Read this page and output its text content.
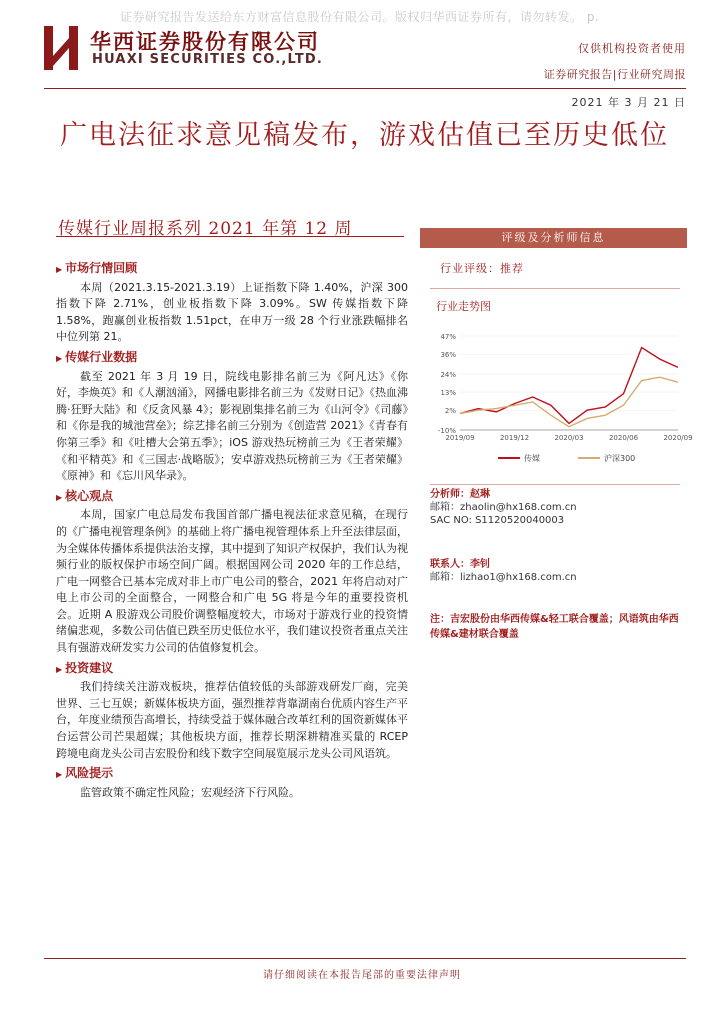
证券研究报告发送给东方财富信息股份有限公司。版权归华西证券所有，请勿转发。 p.
华西证券股份有限公司
HUAXI SECURITIES CO.,LTD.
仅供机构投资者使用
证券研究报告|行业研究周报
2021 年 3 月 21 日
广电法征求意见稿发布，游戏估值已至历史低位
传媒行业周报系列 2021 年第 12 周
▶ 市场行情回顾

本周（2021.3.15-2021.3.19）上证指数下降 1.40%，沪深 300 指数下降 2.71%，创业板指数下降 3.09%。SW 传媒指数下降 1.58%，跑赢创业板指数 1.51pct，在申万一级 28 个行业涨跌幅排名中位列第 21。

▶ 传媒行业数据

截至 2021 年 3 月 19 日，院线电影排名前三为《阿凡达》《你好，李焕英》和《人潮汹涌》，网播电影排名前三为《发财日记》《热血沸腾·狂野大陆》和《反贪风暴 4》；影视剧集排名前三为《山河令》《司藤》和《你是我的城池营垒》；综艺排名前三分别为《创造营 2021》《青春有你第三季》和《吐槽大会第五季》；iOS 游戏热玩榜前三为《王者荣耀》《和平精英》和《三国志·战略版》；安卓游戏热玩榜前三为《王者荣耀》《原神》和《忘川风华录》。

▶ 核心观点

本周，国家广电总局发布我国首部广播电视法征求意见稿，在现行的《广播电视管理条例》的基础上将广播电视管理体系上升至法律层面，为全媒体传播体系提供法治支撑，其中提到了知识产权保护，我们认为视频行业的版权保护市场空间广阔。根据国网公司 2020 年的工作总结，广电一网整合已基本完成对非上市广电公司的整合，2021 年将启动对广电上市公司的全面整合，一网整合和广电 5G 将是今年的重要投资机会。近期 A 股游戏公司股价调整幅度较大，市场对于游戏行业的投资情绪偏悲观，多数公司估值已跌至历史低位水平，我们建议投资者重点关注具有强游戏研发实力公司的估值修复机会。

▶ 投资建议

我们持续关注游戏板块，推荐估值较低的头部游戏研发厂商，完美世界、三七互娱；新媒体板块方面，强烈推荐背靠湖南台优质内容生产平台，年度业绩预告高增长，持续受益于媒体融合改革红利的国资新媒体平台运营公司芒果超媒；其他板块方面，推荐长期深耕精准买量的 RCEP 跨境电商龙头公司吉宏股份和线下数字空间展览展示龙头公司风语筑。

▶ 风险提示

监管政策不确定性风险；宏观经济下行风险。

评级及分析师信息
行业评级：推荐
行业走势图
47%
36%
24%
13%
2%
-10%
2019/09	2019/12	2020/03	2020/06	2020/09
传媒	沪深300
分析师：赵琳
邮箱：zhaolin@hx168.com.cn
SAC NO: S1120520040003
联系人：李钊
邮箱：lizhao1@hx168.com.cn
注：吉宏股份由华西传媒&轻工联合覆盖；风语筑由华西传媒&建材联合覆盖
请仔细阅读在本报告尾部的重要法律声明
